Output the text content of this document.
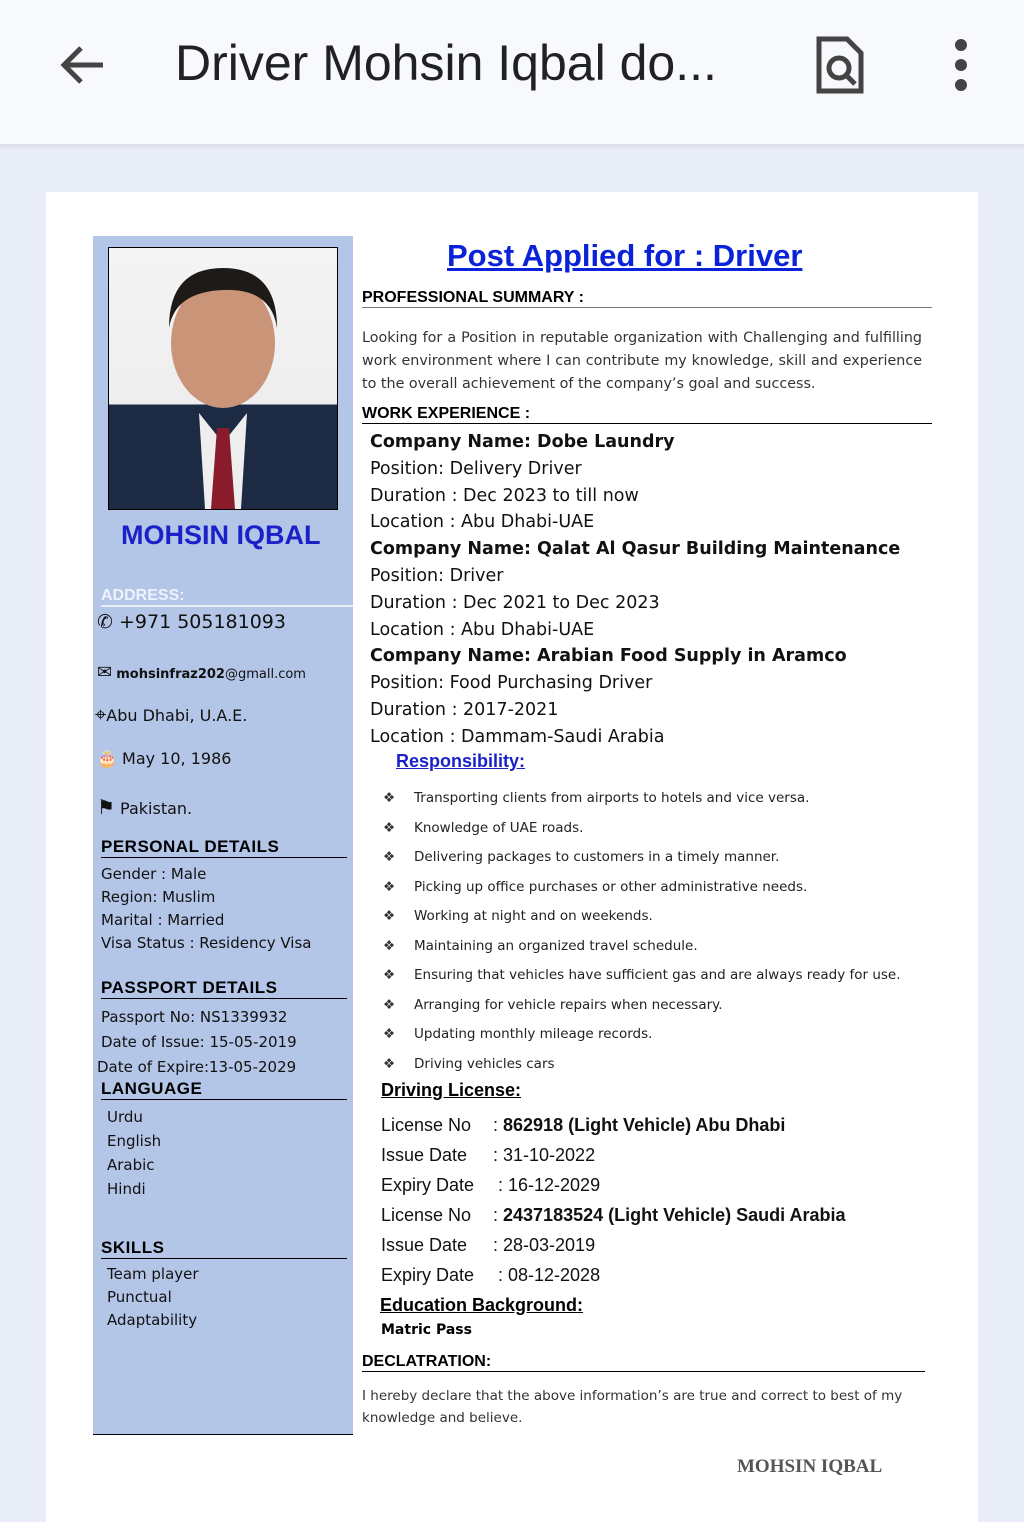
Driver Mohsin Iqbal do...
MOHSIN IQBAL
ADDRESS:
✆ +971 505181093
✉ mohsinfraz202@gmall.com
⌖Abu Dhabi, U.A.E.
🎂 May 10, 1986
⚑ Pakistan.
PERSONAL DETAILS
Gender : Male
Region: Muslim
Marital : Married
Visa Status : Residency Visa
PASSPORT DETAILS
Passport No: NS1339932
Date of Issue: 15-05-2019
Date of Expire:13-05-2029
LANGUAGE
Urdu
English
Arabic
Hindi
SKILLS
Team player
Punctual
Adaptability
Post Applied for : Driver
PROFESSIONAL SUMMARY :
Looking for a Position in reputable organization with Challenging and fulfilling work environment where I can contribute my knowledge, skill and experience to the overall achievement of the company’s goal and success.
WORK EXPERIENCE :
Company Name: Dobe Laundry
Position: Delivery Driver
Duration : Dec 2023 to till now
Location : Abu Dhabi-UAE
Company Name: Qalat Al Qasur Building Maintenance
Position: Driver
Duration : Dec 2021 to Dec 2023
Location : Abu Dhabi-UAE
Company Name: Arabian Food Supply in Aramco
Position: Food Purchasing Driver
Duration : 2017-2021
Location : Dammam-Saudi Arabia
Responsibility:
❖ Transporting clients from airports to hotels and vice versa.
❖ Knowledge of UAE roads.
❖ Delivering packages to customers in a timely manner.
❖ Picking up office purchases or other administrative needs.
❖ Working at night and on weekends.
❖ Maintaining an organized travel schedule.
❖ Ensuring that vehicles have sufficient gas and are always ready for use.
❖ Arranging for vehicle repairs when necessary.
❖ Updating monthly mileage records.
❖ Driving vehicles cars
Driving License:
License No : 862918 (Light Vehicle) Abu Dhabi
Issue Date : 31-10-2022
Expiry Date : 16-12-2029
License No : 2437183524 (Light Vehicle) Saudi Arabia
Issue Date : 28-03-2019
Expiry Date : 08-12-2028
Education Background:
Matric Pass
DECLATRATION:
I hereby declare that the above information’s are true and correct to best of my knowledge and believe.
MOHSIN IQBAL
